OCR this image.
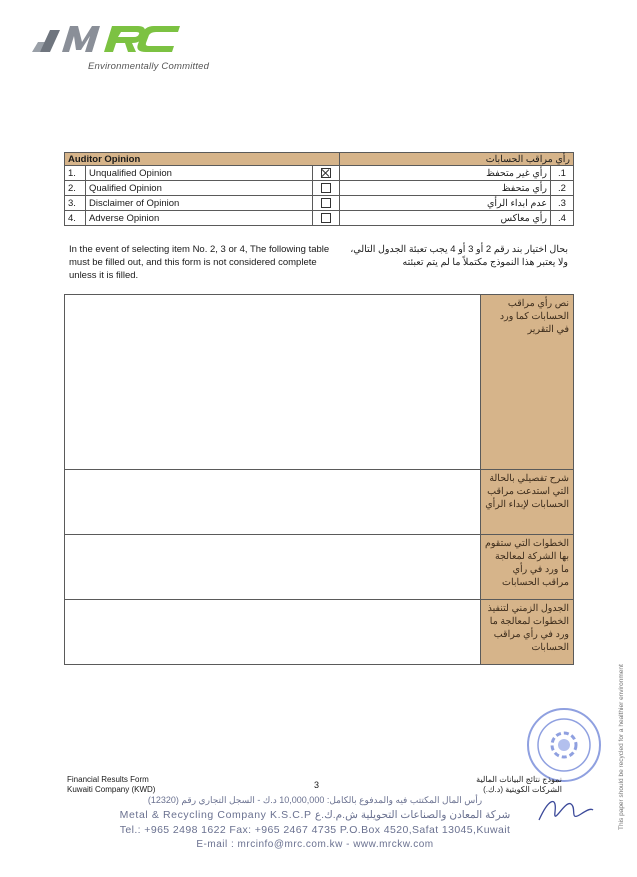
Environmentally Committed
Auditor Opinion			رأي مراقب الحسابات	
1.	Unqualified Opinion		رأي غير متحفظ	.1
2.	Qualified Opinion		رأي متحفظ	.2
3.	Disclaimer of Opinion		عدم ابداء الرأي	.3
4.	Adverse Opinion		رأي معاكس	.4
In the event of selecting item No. 2, 3 or 4, The following table must be filled out, and this form is not considered complete unless it is filled.
بحال اختيار بند رقم 2 أو 3 أو 4 يجب تعبئة الجدول التالي، ولا يعتبر هذا النموذج مكتملاً ما لم يتم تعبئته
	نص رأي مراقب الحسابات كما ورد في التقرير
	شرح تفصيلي بالحالة التي استدعت مراقب الحسابات لإبداء الرأي
	الخطوات التي ستقوم بها الشركة لمعالجة ما ورد في رأي مراقب الحسابات
	الجدول الزمني لتنفيذ الخطوات لمعالجة ما ورد في رأي مراقب الحسابات
This paper should be recycled for a healthier environment
Financial Results Form
Kuwaiti Company (KWD)	3
نموذج نتائج البيانات المالية
الشركات الكويتية (د.ك.)
رأس المال المكتتب فيه والمدفوع بالكامل: 10,000,000 د.ك - السجل التجاري رقم (12320)
Metal & Recycling Company K.S.C.P شركة المعادن والصناعات التحويلية ش.م.ك.ع
Tel.: +965 2498 1622 Fax: +965 2467 4735 P.O.Box 4520,Safat 13045,Kuwait
E-mail : mrcinfo@mrc.com.kw - www.mrckw.com
